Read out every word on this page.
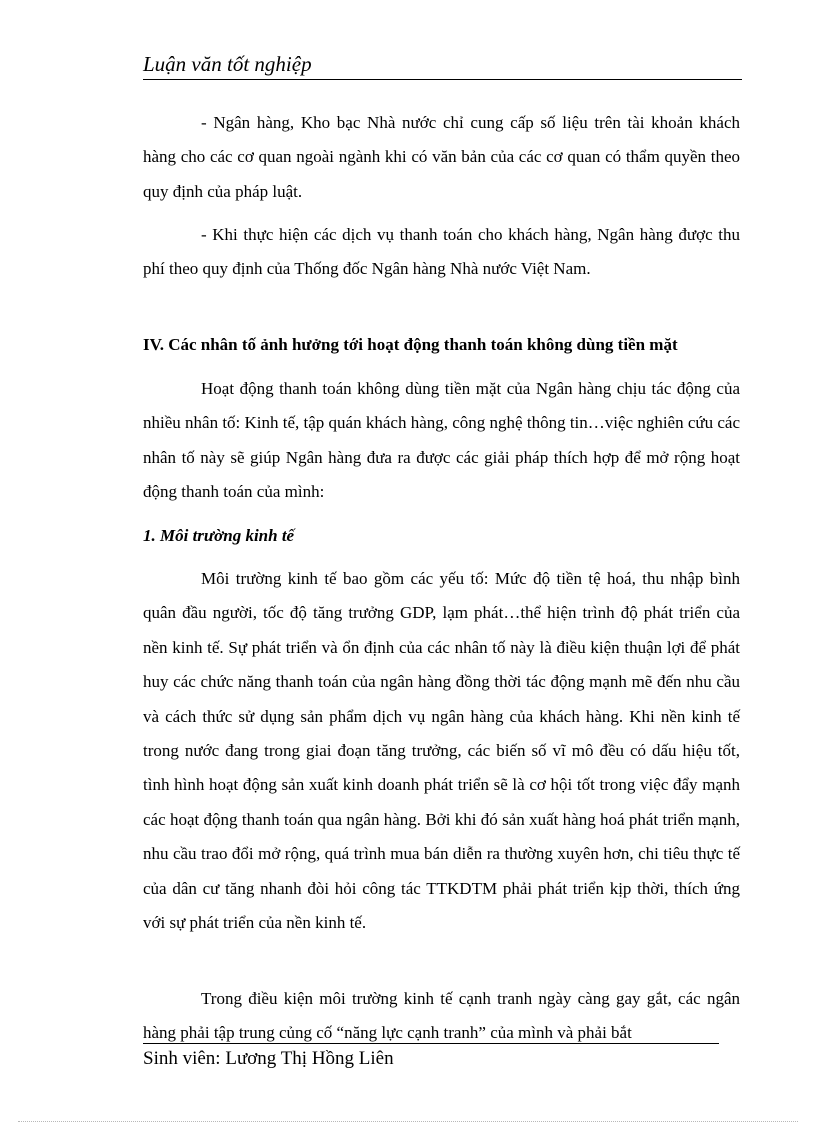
Luận văn tốt nghiệp

- Ngân hàng, Kho bạc Nhà nước chỉ cung cấp số liệu trên tài khoản khách hàng cho các cơ quan ngoài ngành khi có văn bản của các cơ quan có thẩm quyền theo quy định của pháp luật.

- Khi thực hiện các dịch vụ thanh toán cho khách hàng, Ngân hàng được thu phí theo quy định của Thống đốc Ngân hàng Nhà nước Việt Nam.

IV. Các nhân tố ảnh hưởng tới hoạt động thanh toán không dùng tiền mặt

Hoạt động thanh toán không dùng tiền mặt của Ngân hàng chịu tác động của nhiều nhân tố: Kinh tế, tập quán khách hàng, công nghệ thông tin…việc nghiên cứu các nhân tố này sẽ giúp Ngân hàng đưa ra được các giải pháp thích hợp để mở rộng hoạt động thanh toán của mình:

1. Môi trường kinh tế

Môi trường kinh tế bao gồm các yếu tố: Mức độ tiền tệ hoá, thu nhập bình quân đầu người, tốc độ tăng trưởng GDP, lạm phát…thể hiện trình độ phát triển của nền kinh tế. Sự phát triển và ổn định của các nhân tố này là điều kiện thuận lợi để phát huy các chức năng thanh toán của ngân hàng đồng thời tác động mạnh mẽ đến nhu cầu và cách thức sử dụng sản phẩm dịch vụ ngân hàng của khách hàng. Khi nền kinh tế trong nước đang trong giai đoạn tăng trưởng, các biến số vĩ mô đều có dấu hiệu tốt, tình hình hoạt động sản xuất kinh doanh phát triển sẽ là cơ hội tốt trong việc đẩy mạnh các hoạt động thanh toán qua ngân hàng. Bởi khi đó sản xuất hàng hoá phát triển mạnh, nhu cầu trao đổi mở rộng, quá trình mua bán diễn ra thường xuyên hơn, chi tiêu thực tế của dân cư tăng nhanh đòi hỏi công tác TTKDTM phải phát triển kịp thời, thích ứng với sự phát triển của nền kinh tế.

Trong điều kiện môi trường kinh tế cạnh tranh ngày càng gay gắt, các ngân hàng phải tập trung củng cố “năng lực cạnh tranh” của mình và phải bắt

Sinh viên: Lương Thị Hồng Liên
